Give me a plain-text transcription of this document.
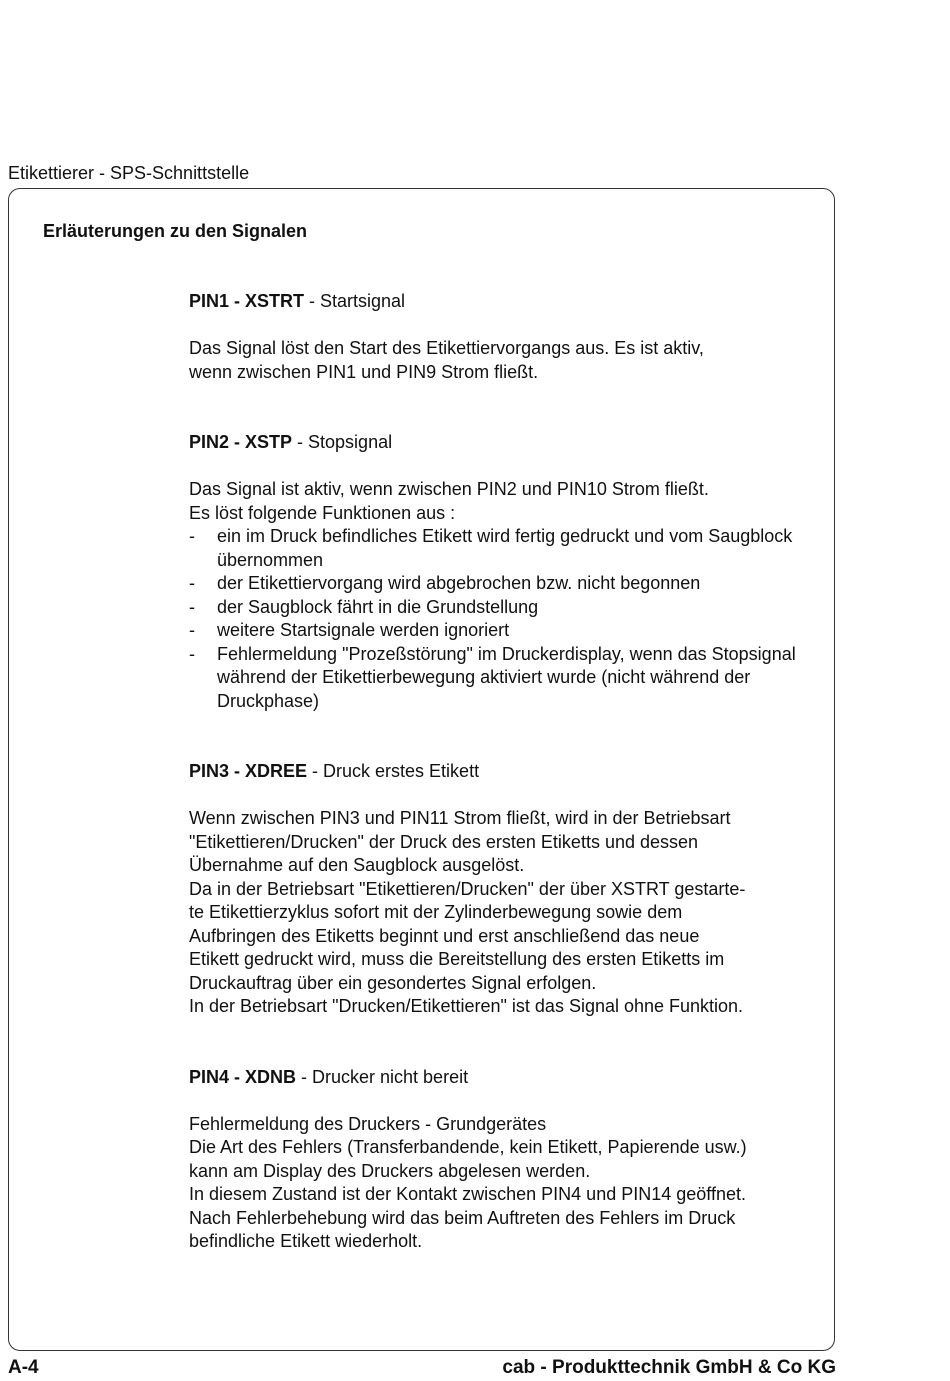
Etikettierer - SPS-Schnittstelle
Erläuterungen zu den Signalen

PIN1 - XSTRT - Startsignal

Das Signal löst den Start des Etikettiervorgangs aus. Es ist aktiv,
wenn zwischen PIN1 und PIN9 Strom fließt.

PIN2 - XSTP - Stopsignal

Das Signal ist aktiv, wenn zwischen PIN2 und PIN10 Strom fließt.
Es löst folgende Funktionen aus :

- ein im Druck befindliches Etikett wird fertig gedruckt und vom Saugblock übernommen
- der Etikettiervorgang wird abgebrochen bzw. nicht begonnen
- der Saugblock fährt in die Grundstellung
- weitere Startsignale werden ignoriert
- Fehlermeldung "Prozeßstörung" im Druckerdisplay, wenn das Stopsignal während der Etikettierbewegung aktiviert wurde (nicht während der Druckphase)

PIN3 - XDREE - Druck erstes Etikett

Wenn zwischen PIN3 und PIN11 Strom fließt, wird in der Betriebsart
"Etikettieren/Drucken" der Druck des ersten Etiketts und dessen
Übernahme auf den Saugblock ausgelöst.
Da in der Betriebsart "Etikettieren/Drucken" der über XSTRT gestarte-
te Etikettierzyklus sofort mit der Zylinderbewegung sowie dem
Aufbringen des Etiketts beginnt und erst anschließend das neue
Etikett gedruckt wird, muss die Bereitstellung des ersten Etiketts im
Druckauftrag über ein gesondertes Signal erfolgen.
In der Betriebsart "Drucken/Etikettieren" ist das Signal ohne Funktion.

PIN4 - XDNB - Drucker nicht bereit

Fehlermeldung des Druckers - Grundgerätes
Die Art des Fehlers (Transferbandende, kein Etikett, Papierende usw.)
kann am Display des Druckers abgelesen werden.
In diesem Zustand ist der Kontakt zwischen PIN4 und PIN14 geöffnet.
Nach Fehlerbehebung wird das beim Auftreten des Fehlers im Druck
befindliche Etikett wiederholt.

A-4	cab - Produkttechnik GmbH & Co KG
